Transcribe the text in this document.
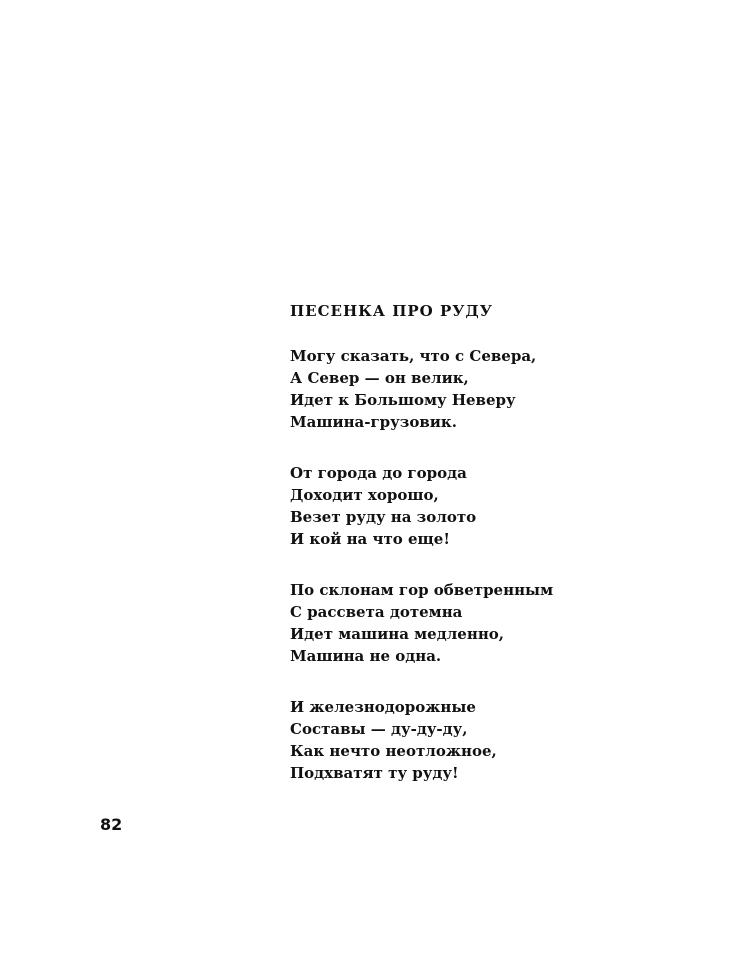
ПЕСЕНКА ПРО РУДУ
Могу сказать, что с Севера,
А Север — он велик,
Идет к Большому Неверу
Машина-грузовик.
От города до города
Доходит хорошо,
Везет руду на золото
И кой на что еще!
По склонам гор обветренным
С рассвета дотемна
Идет машина медленно,
Машина не одна.
И железнодорожные
Составы — ду-ду-ду,
Как нечто неотложное,
Подхватят ту руду!
82
